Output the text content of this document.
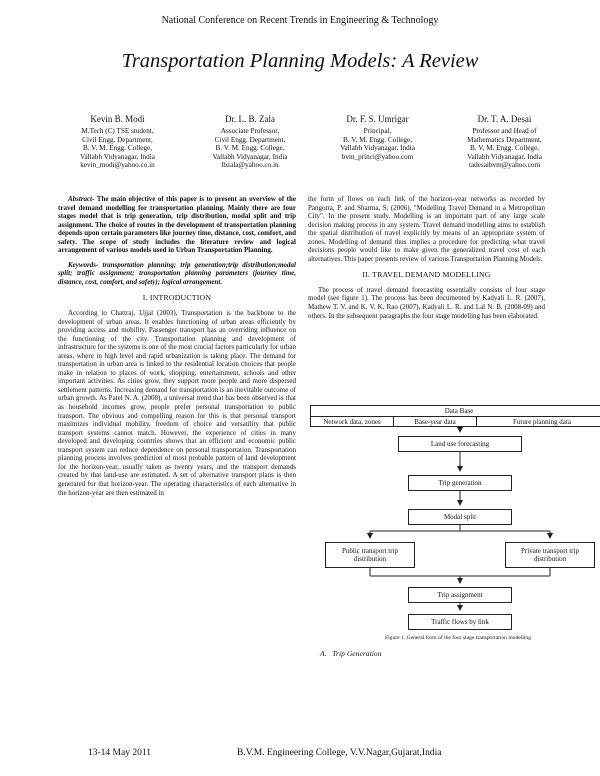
National Conference on Recent Trends in Engineering & Technology
Transportation Planning Models: A Review
Kevin B. Modi
M.Tech (C) TSE student,
Civil Engg. Department,
B. V. M. Engg. College,
Vallabh Vidyanagar, India
kevin_modi@yahoo.co.in
Dr. L. B. Zala
Associate Professor,
Civil Engg. Department,
B. V. M. Engg. College,
Vallabh Vidyanagar, India
lbzala@yahoo.co.in
Dr. F. S. Umrigar
Principal,
B. V. M. Engg. College,
Vallabh Vidyanagar, India
bvm_princi@yahoo.com
Dr. T. A. Desai
Professor and Head of
Mathematics Department,
B. V. M. Engg. College,
Vallabh Vidyanagar, India
tadesaibvm@yahoo.com

Abstract- The main objective of this paper is to present an overview of the travel demand modelling for transportation planning. Mainly there are four stages model that is trip generation, trip distribution, modal split and trip assignment. The choice of routes in the development of transportation planning depends upon certain parameters like journey time, distance, cost, comfort, and safety. The scope of study includes the literature review and logical arrangement of various models used in Urban Transportation Planning.

Keywords- transportation planning; trip generation;trip distribution;modal split; traffic assignment; transportation planning parameters (journey time, distance, cost, comfort, and safety); logical arrangement.

I. INTRODUCTION

According to Chattraj, Ujjal (2003), Transportation is the backbone to the development of urban areas. It enables functioning of urban areas efficiently by providing access and mobility. Passenger transport has an overriding influence on the functioning of the city. Transportation planning and development of infrastructure for the systems is one of the most crucial factors particularly for urban areas, where in high level and rapid urbanization is taking place. The demand for transportation in urban area is linked to the residential location choices that people make in relation to places of work, shopping, entertainment, schools and other important activities. As cities grow, they support more people and more dispersed settlement patterns. Increasing demand for transportation is an inevitable outcome of urban growth. As Patel N. A. (2008), a universal trend that has been observed is that as household incomes grow, people prefer personal transportation to public transport. The obvious and compelling reason for this is that personal transport maximizes individual mobility, freedom of choice and versatility that public transport systems cannot match. However, the experience of cities in many developed and developing countries shows that an efficient and economic public transport system can reduce dependence on personal transportation. Transportation planning process involves prediction of most probable pattern of land development for the horizon-year, usually taken as twenty years, and the transport demands created by that land-use are estimated. A set of alternative transport plans is then generated for that horizon-year. The operating characteristics of each alternative in the horizon-year are then estimated in

the form of flows on each link of the horizon-year networks as recorded by Pangotra, P. and Sharma, S. (2006), "Modelling Travel Demand in a Metropolitan City". In the present study, Modelling is an important part of any large scale decision making process in any system. Travel demand modelling aims to establish the spatial distribution of travel explicitly by means of an appropriate system of zones. Modelling of demand thus implies a procedure for predicting what travel decisions people would like to make given the generalized travel cost of each alternatives. This paper presents review of various Transportation Planning Models.

II. TRAVEL DEMAND MODELLING

The process of travel demand forecasting essentially consists of four stage model (see figure 1). The process has been documented by Kadyali L. R. (2007), Mathew T. V. and K. V. K. Rao (2007), Kadyali L. R. and Lal N. B. (2008-09) and others. In the subsequent paragraphs the four stage modelling has been elaborated.

Data Base
Network data, zones	Base-year data	Future planning data
Land use forecasting
Trip generation
Modal split
Public transport trip distribution
Private transport trip distribution
Trip assignment
Traffic flows by link
Figure 1. General form of the four stage transportation modelling
A. Trip Generation
13-14 May 2011	B.V.M. Engineering College, V.V.Nagar,Gujarat,India
